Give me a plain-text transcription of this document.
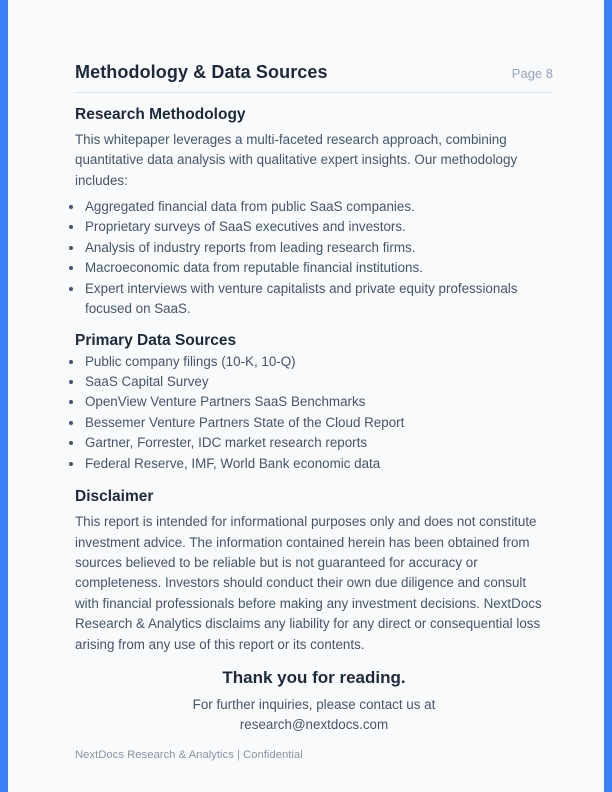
Methodology & Data Sources	Page 8
Research Methodology

This whitepaper leverages a multi-faceted research approach, combining quantitative data analysis with qualitative expert insights. Our methodology includes:

• Aggregated financial data from public SaaS companies.
• Proprietary surveys of SaaS executives and investors.
• Analysis of industry reports from leading research firms.
• Macroeconomic data from reputable financial institutions.
• Expert interviews with venture capitalists and private equity professionals focused on SaaS.
Primary Data Sources
• Public company filings (10-K, 10-Q)
• SaaS Capital Survey
• OpenView Venture Partners SaaS Benchmarks
• Bessemer Venture Partners State of the Cloud Report
• Gartner, Forrester, IDC market research reports
• Federal Reserve, IMF, World Bank economic data
Disclaimer

This report is intended for informational purposes only and does not constitute investment advice. The information contained herein has been obtained from sources believed to be reliable but is not guaranteed for accuracy or completeness. Investors should conduct their own due diligence and consult with financial professionals before making any investment decisions. NextDocs Research & Analytics disclaims any liability for any direct or consequential loss arising from any use of this report or its contents.

Thank you for reading.
For further inquiries, please contact us at
research@nextdocs.com
NextDocs Research & Analytics | Confidential
